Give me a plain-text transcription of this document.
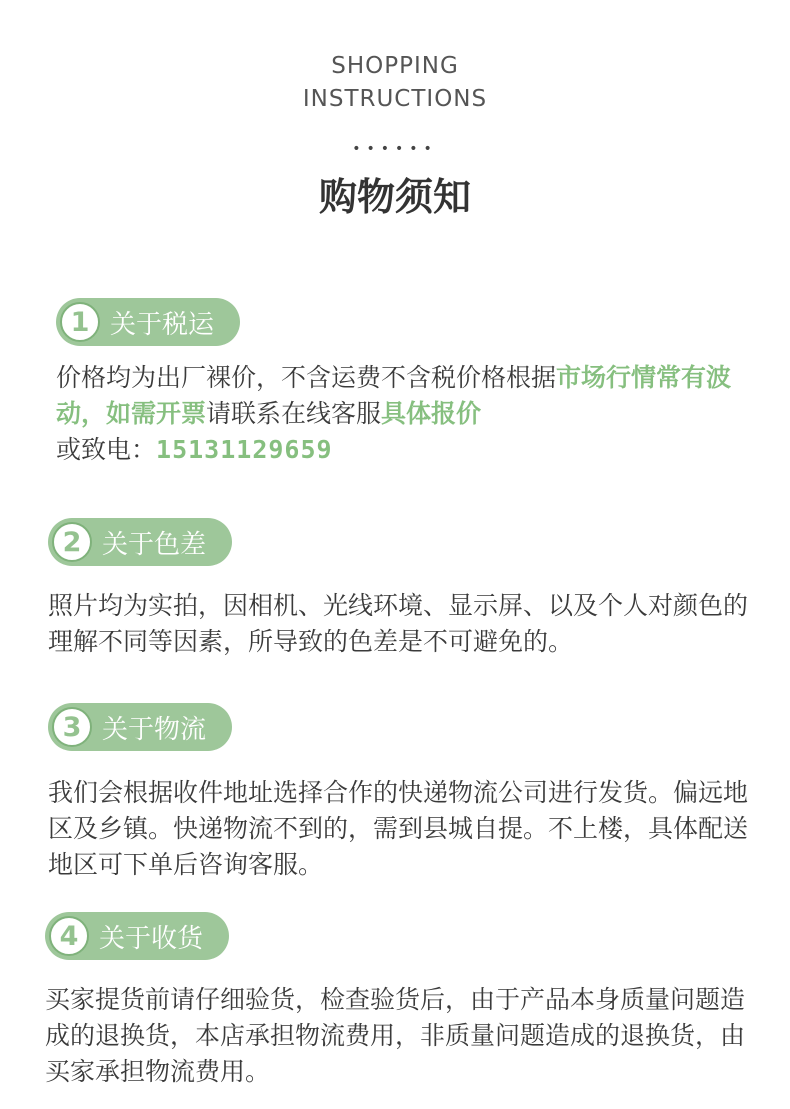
SHOPPING
INSTRUCTIONS
••••••
购物须知
1 关于税运
价格均为出厂裸价，不含运费不含税价格根据市场行情常有波动，如需开票请联系在线客服具体报价
或致电：15131129659
2 关于色差
照片均为实拍，因相机、光线环境、显示屏、以及个人对颜色的理解不同等因素，所导致的色差是不可避免的。
3 关于物流
我们会根据收件地址选择合作的快递物流公司进行发货。偏远地区及乡镇。快递物流不到的，需到县城自提。不上楼，具体配送地区可下单后咨询客服。
4 关于收货
买家提货前请仔细验货，检查验货后，由于产品本身质量问题造成的退换货，本店承担物流费用，非质量问题造成的退换货，由买家承担物流费用。
